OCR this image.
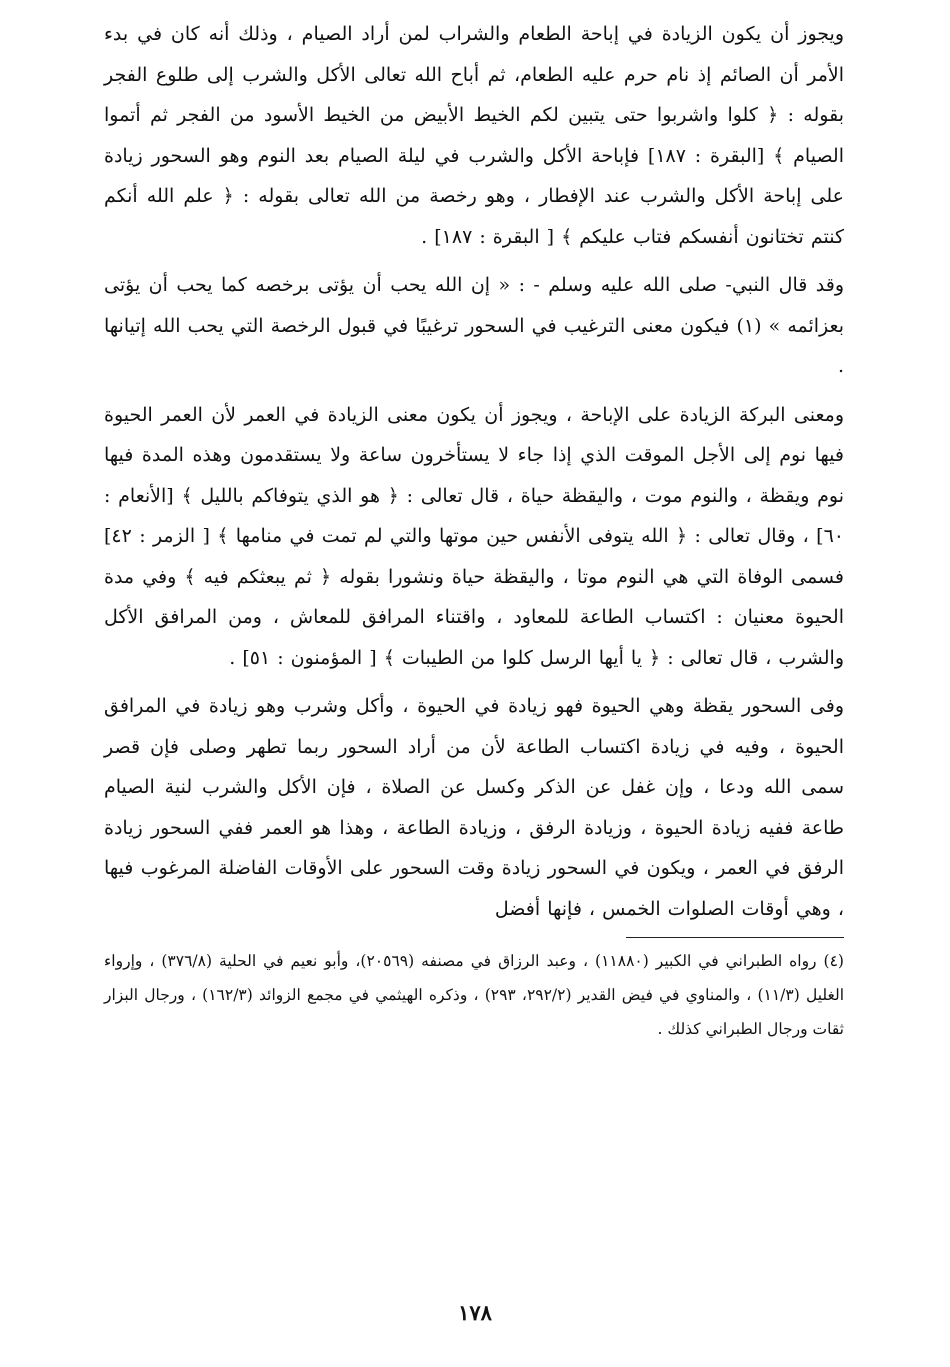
ويجوز أن يكون الزيادة في إباحة الطعام والشراب لمن أراد الصيام ، وذلك أنه كان في بدء الأمر أن الصائم إذ نام حرم عليه الطعام، ثم أباح الله تعالى الأكل والشرب إلى طلوع الفجر بقوله : ﴿ كلوا واشربوا حتى يتبين لكم الخيط الأبيض من الخيط الأسود من الفجر ثم أتموا الصيام ﴾ [البقرة : ١٨٧] فإباحة الأكل والشرب في ليلة الصيام بعد النوم وهو السحور زيادة على إباحة الأكل والشرب عند الإفطار ، وهو رخصة من الله تعالى بقوله : ﴿ علم الله أنكم كنتم تختانون أنفسكم فتاب عليكم ﴾ [ البقرة : ١٨٧] .

وقد قال النبي- صلى الله عليه وسلم - : « إن الله يحب أن يؤتى برخصه كما يحب أن يؤتى بعزائمه » (١) فيكون معنى الترغيب في السحور ترغيبًا في قبول الرخصة التي يحب الله إتيانها .

ومعنى البركة الزيادة على الإباحة ، ويجوز أن يكون معنى الزيادة في العمر لأن العمر الحيوة فيها نوم إلى الأجل الموقت الذي إذا جاء لا يستأخرون ساعة ولا يستقدمون وهذه المدة فيها نوم ويقظة ، والنوم موت ، واليقظة حياة ، قال تعالى : ﴿ هو الذي يتوفاكم بالليل ﴾ [الأنعام : ٦٠] ، وقال تعالى : ﴿ الله يتوفى الأنفس حين موتها والتي لم تمت في منامها ﴾ [ الزمر : ٤٢] فسمى الوفاة التي هي النوم موتا ، واليقظة حياة ونشورا بقوله ﴿ ثم يبعثكم فيه ﴾ وفي مدة الحيوة معنيان : اكتساب الطاعة للمعاود ، واقتناء المرافق للمعاش ، ومن المرافق الأكل والشرب ، قال تعالى : ﴿ يا أيها الرسل كلوا من الطيبات ﴾ [ المؤمنون : ٥١] .

وفى السحور يقظة وهي الحيوة فهو زيادة في الحيوة ، وأكل وشرب وهو زيادة في المرافق الحيوة ، وفيه في زيادة اكتساب الطاعة لأن من أراد السحور ربما تطهر وصلى فإن قصر سمى الله ودعا ، وإن غفل عن الذكر وكسل عن الصلاة ، فإن الأكل والشرب لنية الصيام طاعة ففيه زيادة الحيوة ، وزيادة الرفق ، وزيادة الطاعة ، وهذا هو العمر ففي السحور زيادة الرفق في العمر ، ويكون في السحور زيادة وقت السحور على الأوقات الفاضلة المرغوب فيها ، وهي أوقات الصلوات الخمس ، فإنها أفضل

(٤) رواه الطبراني في الكبير (١١٨٨٠) ، وعبد الرزاق في مصنفه (٢٠٥٦٩)، وأبو نعيم في الحلية (٣٧٦/٨) ، وإرواء الغليل (١١/٣) ، والمناوي في فيض القدير (٢٩٢/٢، ٢٩٣) ، وذكره الهيثمي في مجمع الزوائد (١٦٢/٣) ، ورجال البزار ثقات ورجال الطبراني كذلك .

١٧٨
